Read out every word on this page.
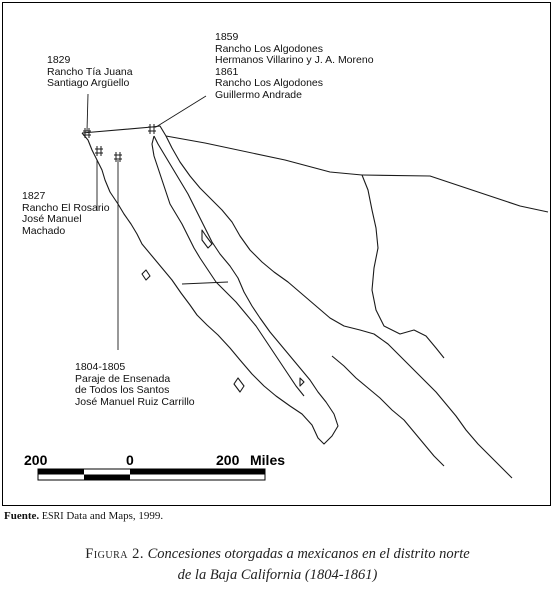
1829
Rancho Tía Juana
Santiago Argüello
1859
Rancho Los Algodones
Hermanos Villarino y J. A. Moreno
1861
Rancho Los Algodones
Guillermo Andrade
1827
Rancho El Rosario
José Manuel
Machado
1804-1805
Paraje de Ensenada
de Todos los Santos
José Manuel Ruiz Carrillo
200	0	200 Miles
Fuente. ESRI Data and Maps, 1999.
Figura 2. Concesiones otorgadas a mexicanos en el distrito norte
de la Baja California (1804-1861)
